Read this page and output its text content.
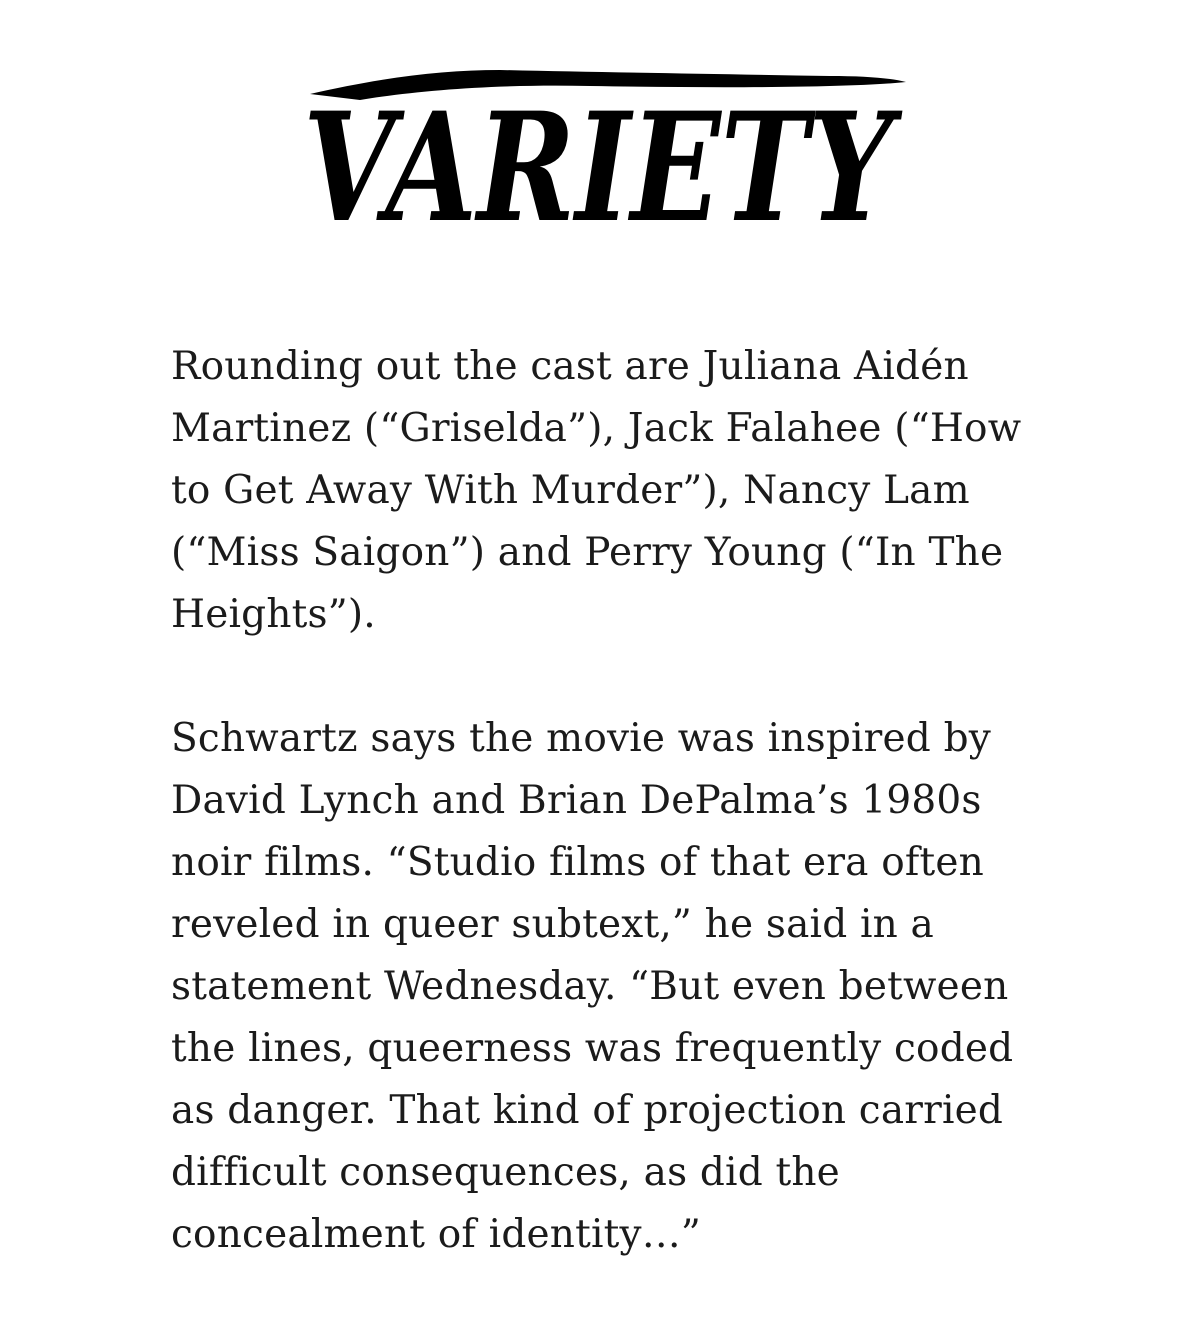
VARIETY

Rounding out the cast are Juliana Aidén
Martinez (“Griselda”), Jack Falahee (“How
to Get Away With Murder”), Nancy Lam
(“Miss Saigon”) and Perry Young (“In The
Heights”).

Schwartz says the movie was inspired by
David Lynch and Brian DePalma’s 1980s
noir films. “Studio films of that era often
reveled in queer subtext,” he said in a
statement Wednesday. “But even between
the lines, queerness was frequently coded
as danger. That kind of projection carried
difficult consequences, as did the
concealment of identity…”
